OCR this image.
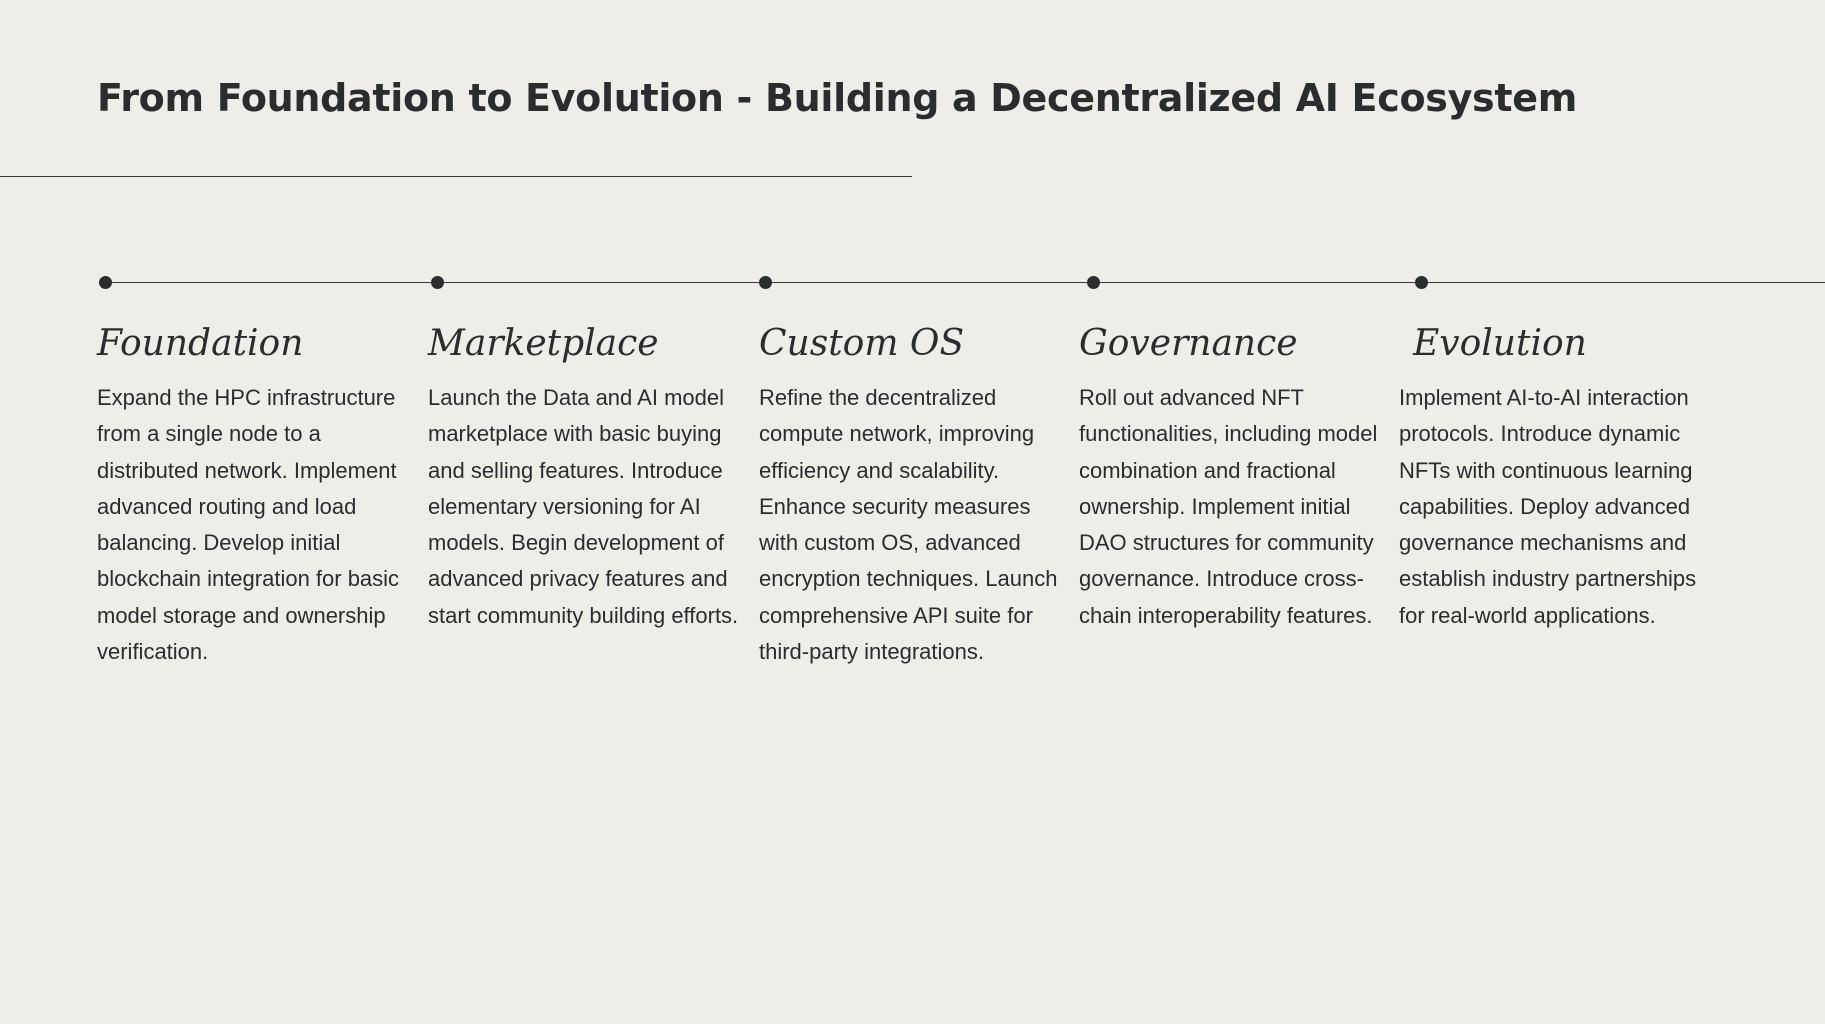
From Foundation to Evolution - Building a Decentralized AI Ecosystem
Foundation

Expand the HPC infrastructure from a single node to a distributed network. Implement advanced routing and load balancing. Develop initial blockchain integration for basic model storage and ownership verification.

Marketplace

Launch the Data and AI model marketplace with basic buying and selling features. Introduce elementary versioning for AI models. Begin development of advanced privacy features and start community building efforts.

Custom OS

Refine the decentralized compute network, improving efficiency and scalability. Enhance security measures with custom OS, advanced encryption techniques. Launch comprehensive API suite for third-party integrations.

Governance

Roll out advanced NFT functionalities, including model combination and fractional ownership. Implement initial DAO structures for community governance. Introduce cross-chain interoperability features.

Evolution

Implement AI-to-AI interaction protocols. Introduce dynamic NFTs with continuous learning capabilities. Deploy advanced governance mechanisms and establish industry partnerships for real-world applications.
